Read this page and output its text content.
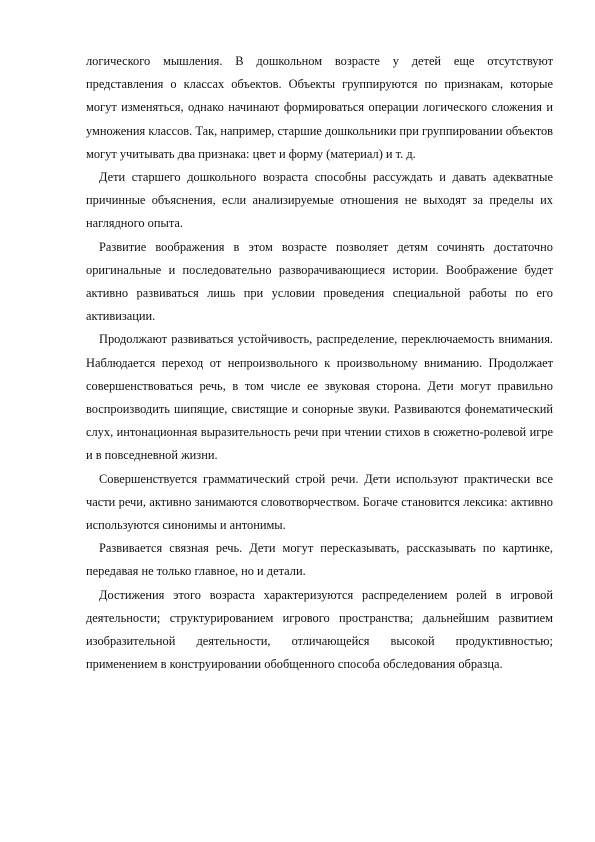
логического мышления. В дошкольном возрасте у детей еще отсутствуют представления о классах объектов. Объекты группируются по признакам, которые могут изменяться, однако начинают формироваться операции логического сложения и умножения классов. Так, например, старшие дошкольники при группировании объектов могут учитывать два признака: цвет и форму (материал) и т. д.

Дети старшего дошкольного возраста способны рассуждать и давать адекватные причинные объяснения, если анализируемые отношения не выходят за пределы их наглядного опыта.

Развитие воображения в этом возрасте позволяет детям сочинять достаточно оригинальные и последовательно разворачивающиеся истории. Воображение будет активно развиваться лишь при условии проведения специальной работы по его активизации.

Продолжают развиваться устойчивость, распределение, переключаемость внимания. Наблюдается переход от непроизвольного к произвольному вниманию. Продолжает совершенствоваться речь, в том числе ее звуковая сторона. Дети могут правильно воспроизводить шипящие, свистящие и сонорные звуки. Развиваются фонематический слух, интонационная выразительность речи при чтении стихов в сюжетно-ролевой игре и в повседневной жизни.

Совершенствуется грамматический строй речи. Дети используют практически все части речи, активно занимаются словотворчеством. Богаче становится лексика: активно используются синонимы и антонимы.

Развивается связная речь. Дети могут пересказывать, рассказывать по картинке, передавая не только главное, но и детали.

Достижения этого возраста характеризуются распределением ролей в игровой деятельности; структурированием игрового пространства; дальнейшим развитием изобразительной деятельности, отличающейся высокой продуктивностью; применением в конструировании обобщенного способа обследования образца.
